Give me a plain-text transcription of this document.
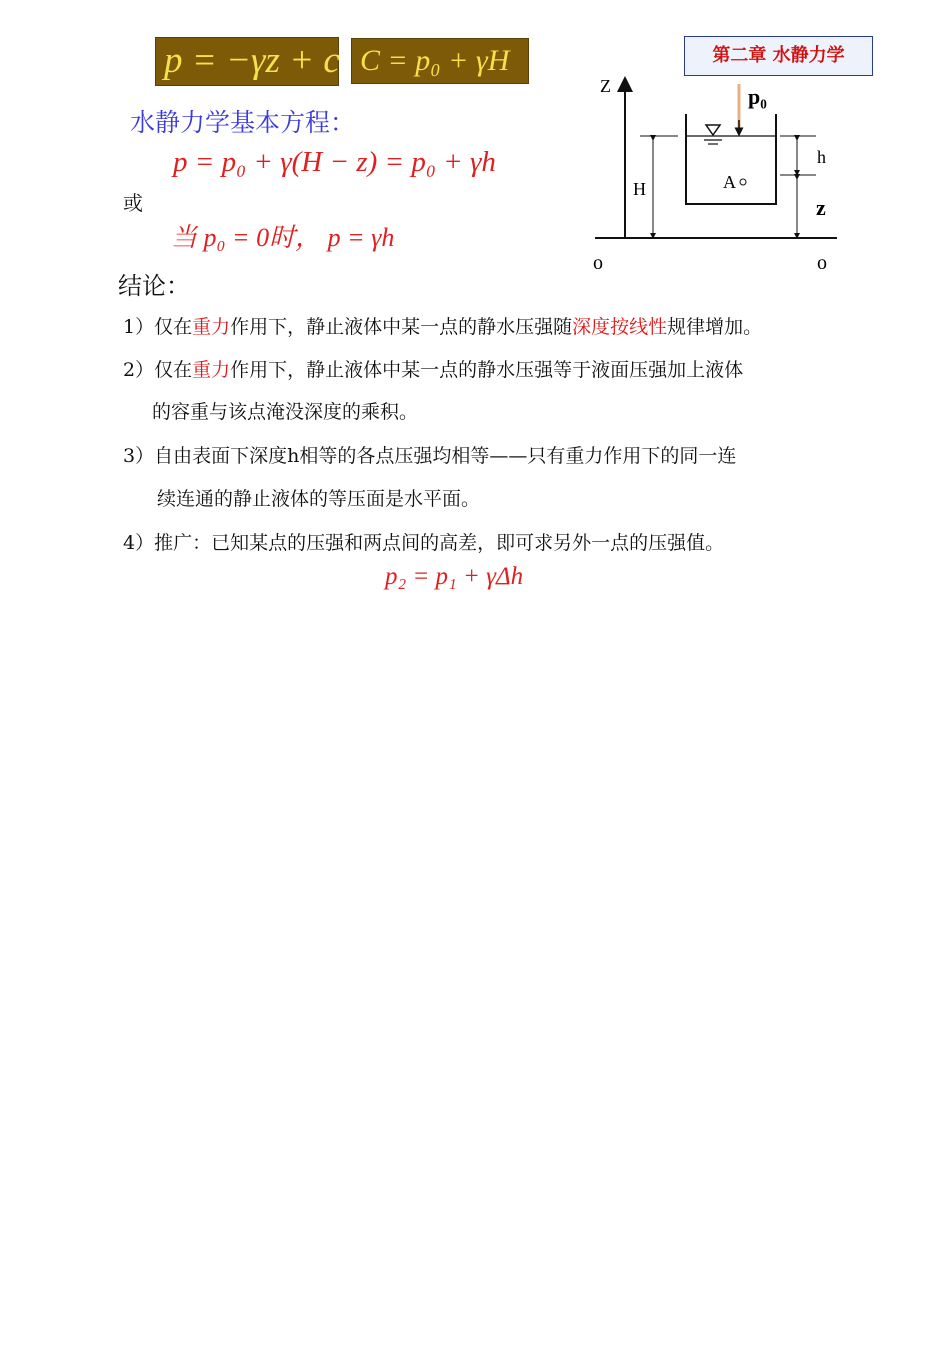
p = −γz + c C = p₀ + γH	第二章 水静力学
水静力学基本方程：
p = p₀ + γ(H − z) = p₀ + γh
或
当 p₀ = 0时， p = γh
结论：
1）仅在重力作用下，静止液体中某一点的静水压强随深度按线性规律增加。
2）仅在重力作用下，静止液体中某一点的静水压强等于液面压强加上液体
的容重与该点淹没深度的乘积。
3）自由表面下深度h相等的各点压强均相等——只有重力作用下的同一连
续连通的静止液体的等压面是水平面。
4）推广：已知某点的压强和两点间的高差，即可求另外一点的压强值。
p₂ = p₁ + γΔh
Z	p₀
H
h
z
A
o	o
